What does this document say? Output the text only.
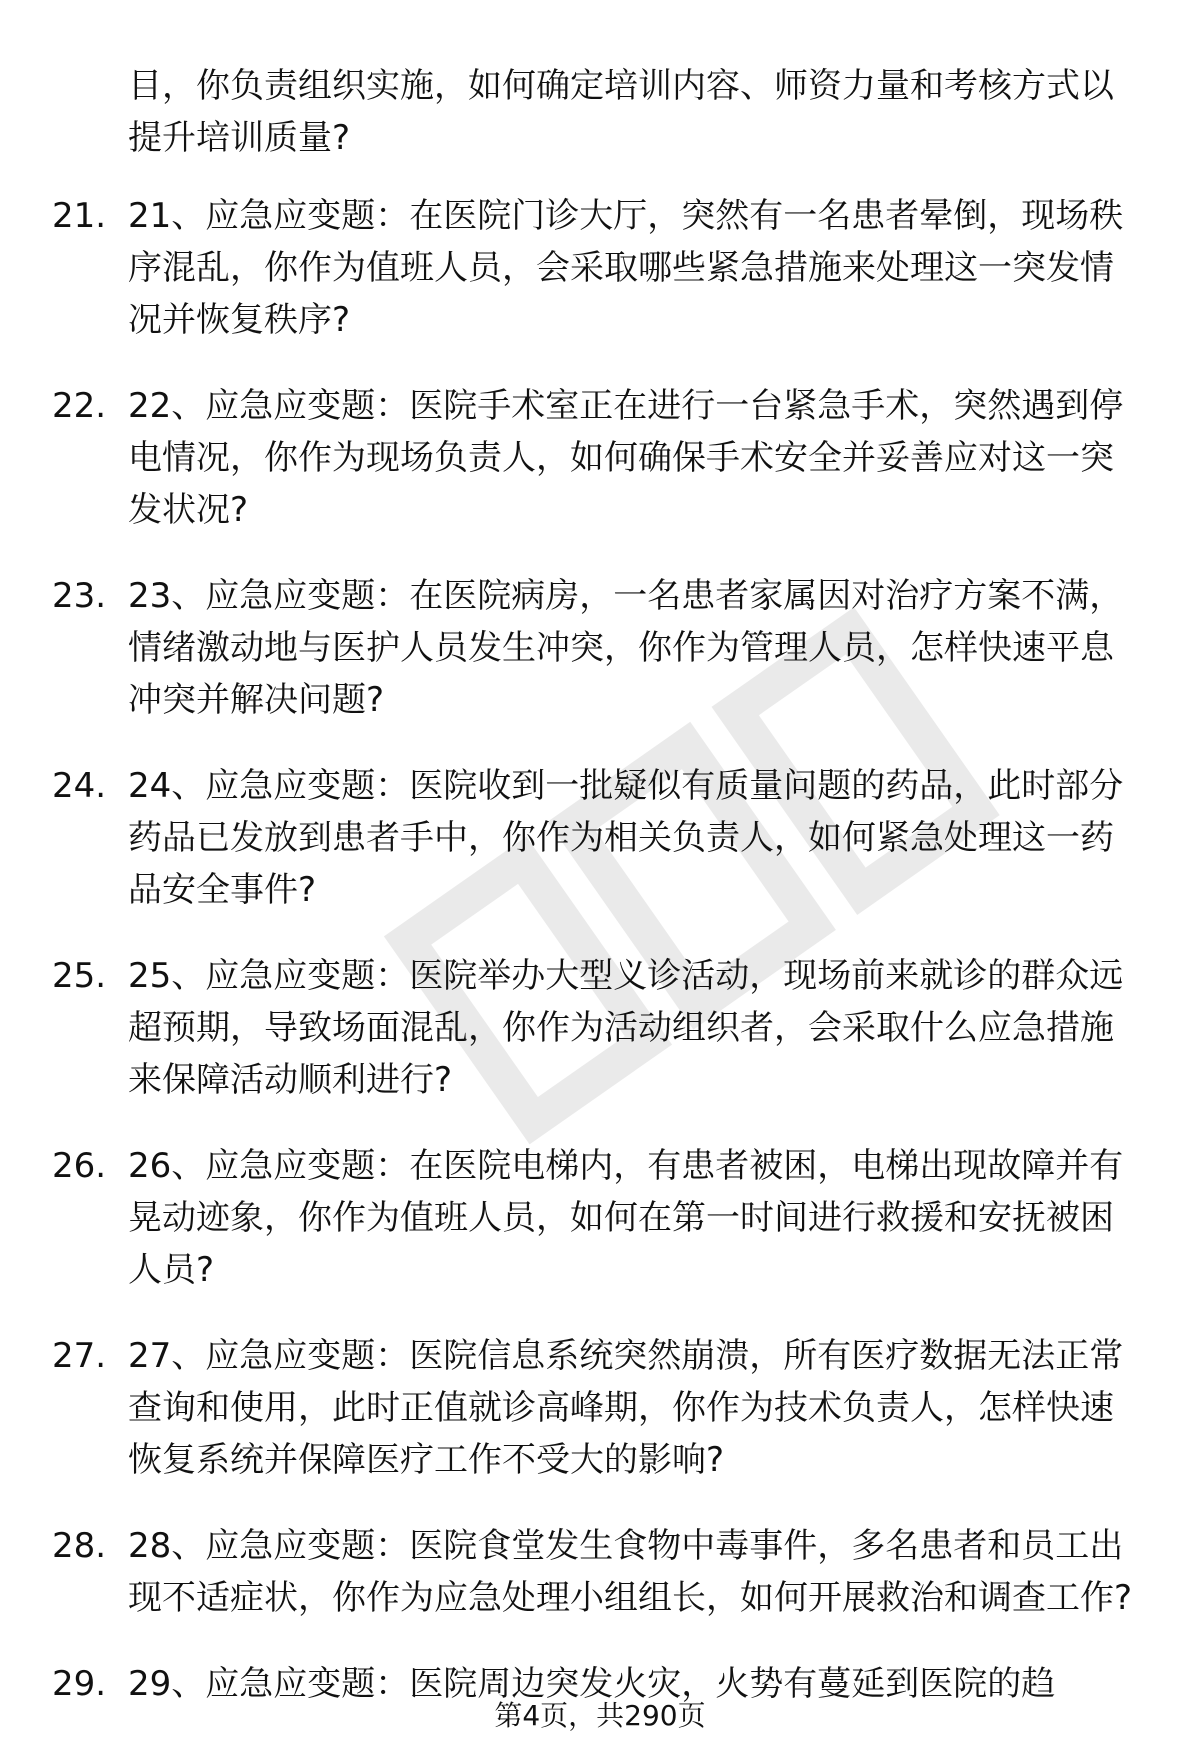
目，你负责组织实施，如何确定培训内容、师资力量和考核方式以提升培训质量?

21. 21、应急应变题：在医院门诊大厅，突然有一名患者晕倒，现场秩序混乱，你作为值班人员，会采取哪些紧急措施来处理这一突发情况并恢复秩序?

22. 22、应急应变题：医院手术室正在进行一台紧急手术，突然遇到停电情况，你作为现场负责人，如何确保手术安全并妥善应对这一突发状况?

23. 23、应急应变题：在医院病房，一名患者家属因对治疗方案不满，情绪激动地与医护人员发生冲突，你作为管理人员，怎样快速平息冲突并解决问题?

24. 24、应急应变题：医院收到一批疑似有质量问题的药品，此时部分药品已发放到患者手中，你作为相关负责人，如何紧急处理这一药品安全事件?

25. 25、应急应变题：医院举办大型义诊活动，现场前来就诊的群众远超预期，导致场面混乱，你作为活动组织者，会采取什么应急措施来保障活动顺利进行?

26. 26、应急应变题：在医院电梯内，有患者被困，电梯出现故障并有晃动迹象，你作为值班人员，如何在第一时间进行救援和安抚被困人员?

27. 27、应急应变题：医院信息系统突然崩溃，所有医疗数据无法正常查询和使用，此时正值就诊高峰期，你作为技术负责人，怎样快速恢复系统并保障医疗工作不受大的影响?

28. 28、应急应变题：医院食堂发生食物中毒事件，多名患者和员工出现不适症状，你作为应急处理小组组长，如何开展救治和调查工作?

29. 29、应急应变题：医院周边突发火灾，火势有蔓延到医院的趋

第4页，共290页
